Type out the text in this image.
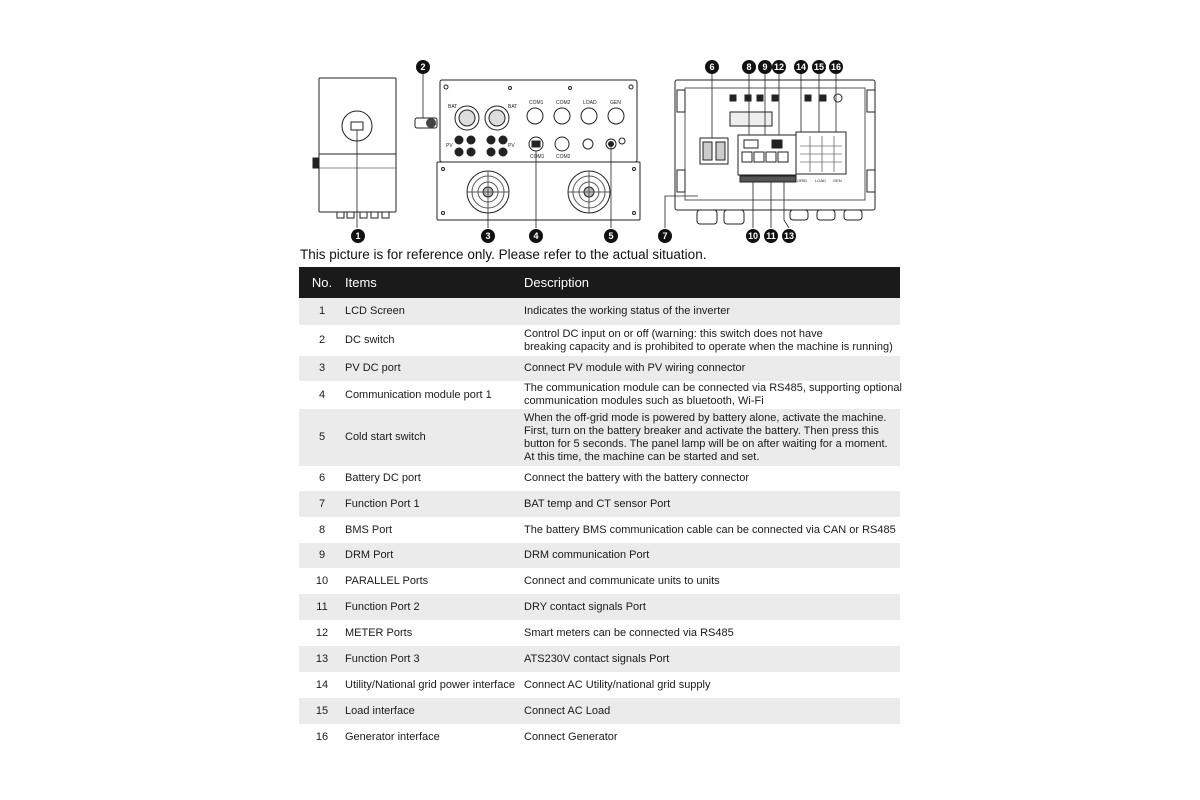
BAT	BAT
COM1	COM2	LOAD	GEN
PV	PV
COM1 COM2
GRID LOAD GEN
1
2
3	4	5
6
7
8 9
10 11
12
13
14 15 16
This picture is for reference only. Please refer to the actual situation.
No.	Items	Description
1	LCD Screen	Indicates the working status of the inverter

2	DC switch	Control DC input on or off (warning: this switch does not have
breaking capacity and is prohibited to operate when the machine is running)

3	PV DC port	Connect PV module with PV wiring connector

4	Communication module port 1	The communication module can be connected via RS485, supporting optional
communication modules such as bluetooth, Wi-Fi

5	Cold start switch	When the off-grid mode is powered by battery alone, activate the machine.
First, turn on the battery breaker and activate the battery. Then press this
button for 5 seconds. The panel lamp will be on after waiting for a moment.
At this time, the machine can be started and set.

6	Battery DC port	Connect the battery with the battery connector

7	Function Port 1	BAT temp and CT sensor Port

8	BMS Port	The battery BMS communication cable can be connected via CAN or RS485

9	DRM Port	DRM communication Port

10	PARALLEL Ports	Connect and communicate units to units

11	Function Port 2	DRY contact signals Port

12	METER Ports	Smart meters can be connected via RS485

13	Function Port 3	ATS230V contact signals Port

14	Utility/National grid power interface	Connect AC Utility/national grid supply

15	Load interface	Connect AC Load

16	Generator interface	Connect Generator
